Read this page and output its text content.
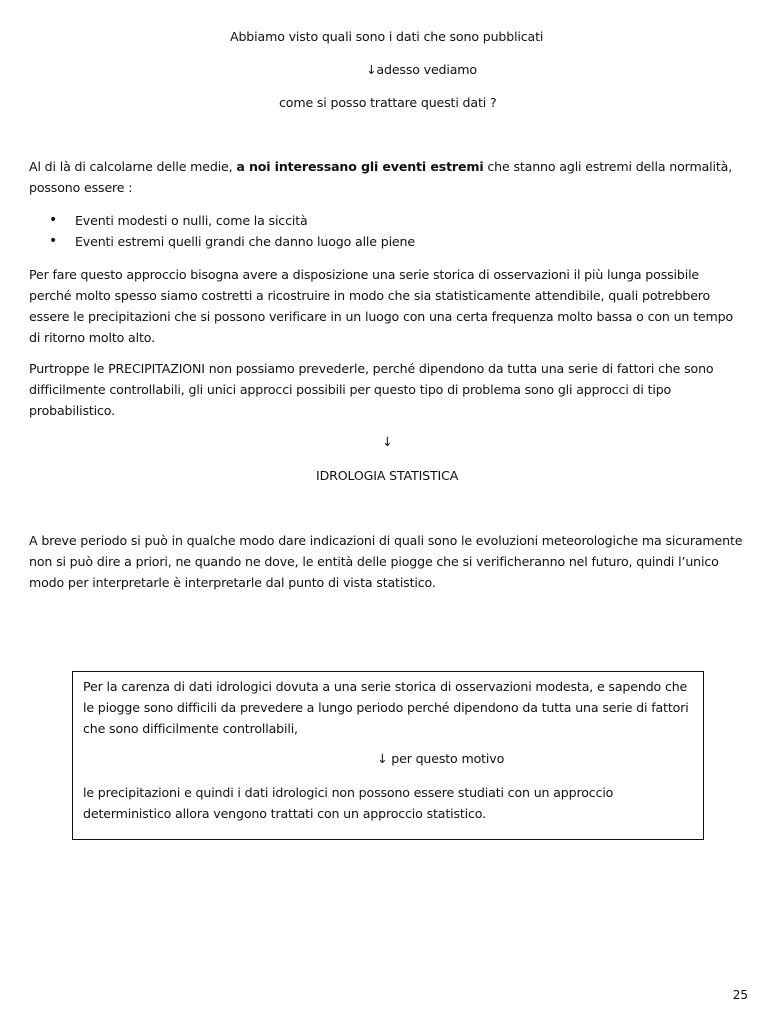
Abbiamo visto quali sono i dati che sono pubblicati
↓adesso vediamo
come si posso trattare questi dati ?

Al di là di calcolarne delle medie, a noi interessano gli eventi estremi che stanno agli estremi della normalità, possono essere :

• Eventi modesti o nulli, come la siccità
• Eventi estremi quelli grandi che danno luogo alle piene

Per fare questo approccio bisogna avere a disposizione una serie storica di osservazioni il più lunga possibile perché molto spesso siamo costretti a ricostruire in modo che sia statisticamente attendibile, quali potrebbero essere le precipitazioni che si possono verificare in un luogo con una certa frequenza molto bassa o con un tempo di ritorno molto alto.

Purtroppe le PRECIPITAZIONI non possiamo prevederle, perché dipendono da tutta una serie di fattori che sono difficilmente controllabili, gli unici approcci possibili per questo tipo di problema sono gli approcci di tipo probabilistico.

↓
IDROLOGIA STATISTICA

A breve periodo si può in qualche modo dare indicazioni di quali sono le evoluzioni meteorologiche ma sicuramente non si può dire a priori, ne quando ne dove, le entità delle piogge che si verificheranno nel futuro, quindi l’unico modo per interpretarle è interpretarle dal punto di vista statistico.

Per la carenza di dati idrologici dovuta a una serie storica di osservazioni modesta, e sapendo che le piogge sono difficili da prevedere a lungo periodo perché dipendono da tutta una serie di fattori che sono difficilmente controllabili,

↓ per questo motivo

le precipitazioni e quindi i dati idrologici non possono essere studiati con un approccio deterministico allora vengono trattati con un approccio statistico.

25
